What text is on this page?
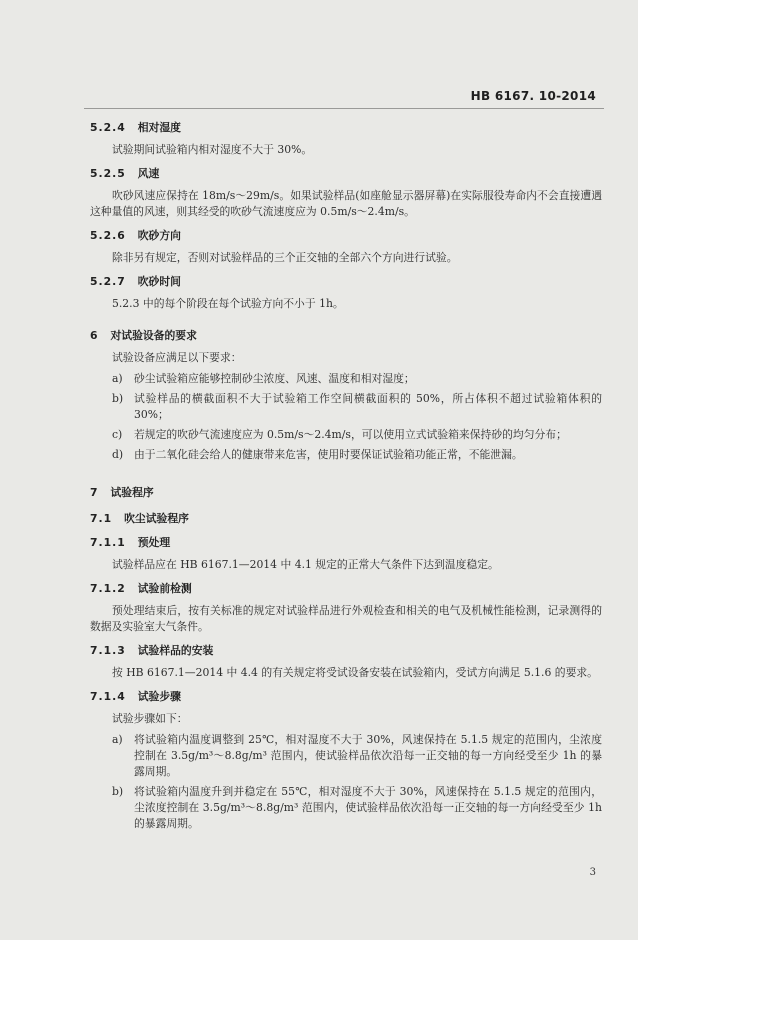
HB 6167. 10-2014
5.2.4 相对湿度
试验期间试验箱内相对湿度不大于 30%。
5.2.5 风速
吹砂风速应保持在 18m/s～29m/s。如果试验样品(如座舱显示器屏幕)在实际服役寿命内不会直接遭遇这种量值的风速，则其经受的吹砂气流速度应为 0.5m/s～2.4m/s。
5.2.6 吹砂方向
除非另有规定，否则对试验样品的三个正交轴的全部六个方向进行试验。
5.2.7 吹砂时间
5.2.3 中的每个阶段在每个试验方向不小于 1h。
6 对试验设备的要求
试验设备应满足以下要求：
a) 砂尘试验箱应能够控制砂尘浓度、风速、温度和相对湿度；
b) 试验样品的横截面积不大于试验箱工作空间横截面积的 50%，所占体积不超过试验箱体积的 30%；
c) 若规定的吹砂气流速度应为 0.5m/s～2.4m/s，可以使用立式试验箱来保持砂的均匀分布；
d) 由于二氧化硅会给人的健康带来危害，使用时要保证试验箱功能正常，不能泄漏。
7 试验程序
7.1 吹尘试验程序
7.1.1 预处理
试验样品应在 HB 6167.1—2014 中 4.1 规定的正常大气条件下达到温度稳定。
7.1.2 试验前检测
预处理结束后，按有关标准的规定对试验样品进行外观检查和相关的电气及机械性能检测，记录测得的数据及实验室大气条件。
7.1.3 试验样品的安装
按 HB 6167.1—2014 中 4.4 的有关规定将受试设备安装在试验箱内，受试方向满足 5.1.6 的要求。
7.1.4 试验步骤
试验步骤如下：
a) 将试验箱内温度调整到 25℃，相对湿度不大于 30%，风速保持在 5.1.5 规定的范围内，尘浓度控制在 3.5g/m³～8.8g/m³ 范围内，使试验样品依次沿每一正交轴的每一方向经受至少 1h 的暴露周期。
b) 将试验箱内温度升到并稳定在 55℃，相对湿度不大于 30%，风速保持在 5.1.5 规定的范围内，尘浓度控制在 3.5g/m³～8.8g/m³ 范围内，使试验样品依次沿每一正交轴的每一方向经受至少 1h 的暴露周期。
3
